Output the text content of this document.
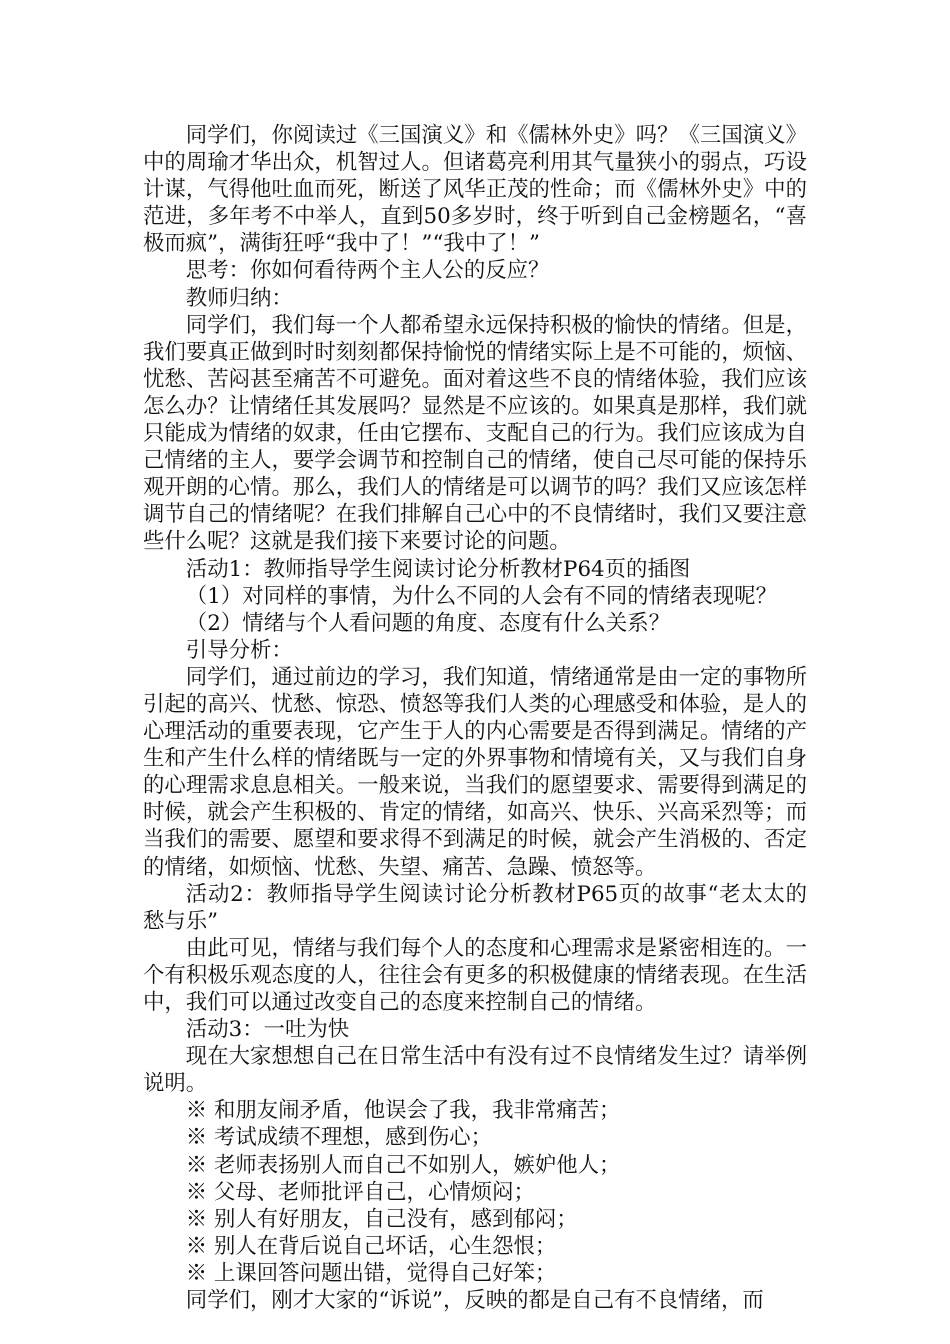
同学们，你阅读过《三国演义》和《儒林外史》吗？《三国演义》中的周瑜才华出众，机智过人。但诸葛亮利用其气量狭小的弱点，巧设计谋，气得他吐血而死，断送了风华正茂的性命；而《儒林外史》中的范进，多年考不中举人，直到50多岁时，终于听到自己金榜题名，“喜极而疯”，满街狂呼“我中了！”“我中了！”

思考：你如何看待两个主人公的反应？

教师归纳：

同学们，我们每一个人都希望永远保持积极的愉快的情绪。但是，我们要真正做到时时刻刻都保持愉悦的情绪实际上是不可能的，烦恼、忧愁、苦闷甚至痛苦不可避免。面对着这些不良的情绪体验，我们应该怎么办？让情绪任其发展吗？显然是不应该的。如果真是那样，我们就只能成为情绪的奴隶，任由它摆布、支配自己的行为。我们应该成为自己情绪的主人，要学会调节和控制自己的情绪，使自己尽可能的保持乐观开朗的心情。那么，我们人的情绪是可以调节的吗？我们又应该怎样调节自己的情绪呢？在我们排解自己心中的不良情绪时，我们又要注意些什么呢？这就是我们接下来要讨论的问题。

活动1：教师指导学生阅读讨论分析教材P64页的插图

（1）对同样的事情，为什么不同的人会有不同的情绪表现呢？

（2）情绪与个人看问题的角度、态度有什么关系？

引导分析：

同学们，通过前边的学习，我们知道，情绪通常是由一定的事物所引起的高兴、忧愁、惊恐、愤怒等我们人类的心理感受和体验，是人的心理活动的重要表现，它产生于人的内心需要是否得到满足。情绪的产生和产生什么样的情绪既与一定的外界事物和情境有关，又与我们自身的心理需求息息相关。一般来说，当我们的愿望要求、需要得到满足的时候，就会产生积极的、肯定的情绪，如高兴、快乐、兴高采烈等；而当我们的需要、愿望和要求得不到满足的时候，就会产生消极的、否定的情绪，如烦恼、忧愁、失望、痛苦、急躁、愤怒等。

活动2：教师指导学生阅读讨论分析教材P65页的故事“老太太的愁与乐”

由此可见，情绪与我们每个人的态度和心理需求是紧密相连的。一个有积极乐观态度的人，往往会有更多的积极健康的情绪表现。在生活中，我们可以通过改变自己的态度来控制自己的情绪。

活动3：一吐为快

现在大家想想自己在日常生活中有没有过不良情绪发生过？请举例说明。

※ 和朋友闹矛盾，他误会了我，我非常痛苦；

※ 考试成绩不理想，感到伤心；

※ 老师表扬别人而自己不如别人，嫉妒他人；

※ 父母、老师批评自己，心情烦闷；

※ 别人有好朋友，自己没有，感到郁闷；

※ 别人在背后说自己坏话，心生怨恨；

※ 上课回答问题出错，觉得自己好笨；

同学们，刚才大家的“诉说”，反映的都是自己有不良情绪，而
